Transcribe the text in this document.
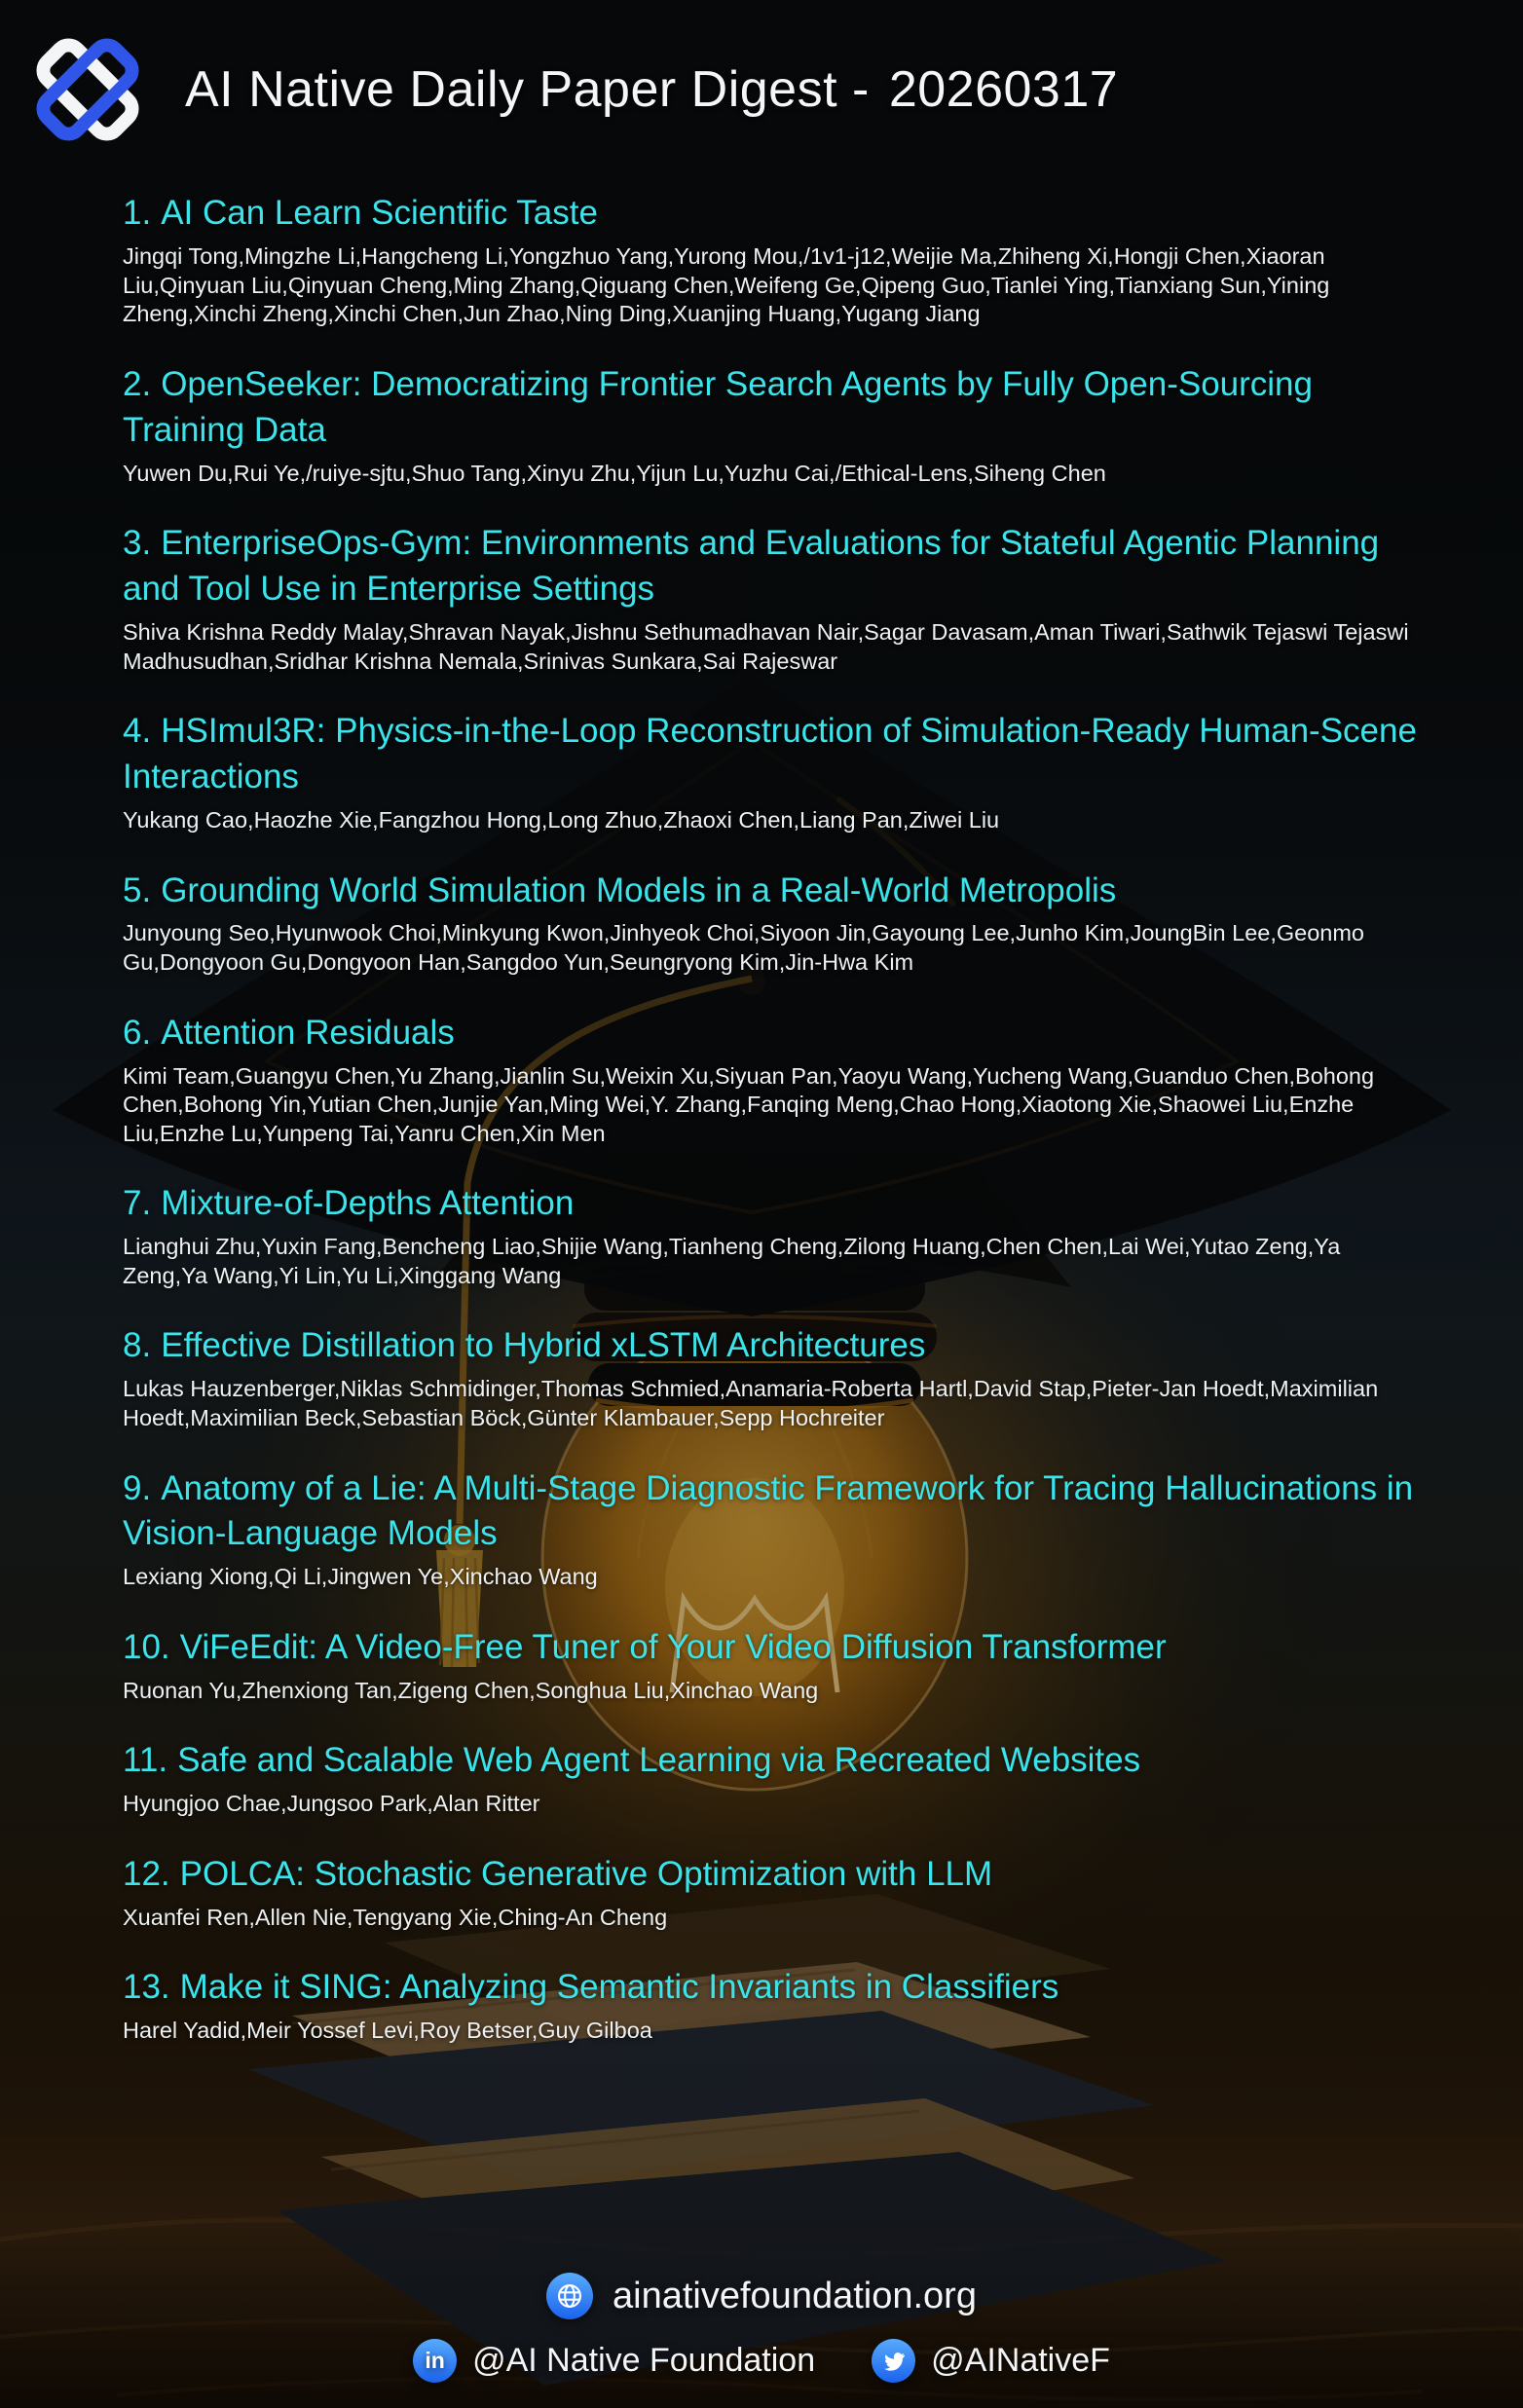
AI Native Daily Paper Digest - 20260317
1. AI Can Learn Scientific Taste

Jingqi Tong,Mingzhe Li,Hangcheng Li,Yongzhuo Yang,Yurong Mou,/1v1-j12,Weijie Ma,Zhiheng Xi,Hongji Chen,Xiaoran Liu,Qinyuan Liu,Qinyuan Cheng,Ming Zhang,Qiguang Chen,Weifeng Ge,Qipeng Guo,Tianlei Ying,Tianxiang Sun,Yining Zheng,Xinchi Zheng,Xinchi Chen,Jun Zhao,Ning Ding,Xuanjing Huang,Yugang Jiang

2. OpenSeeker: Democratizing Frontier Search Agents by Fully Open-Sourcing Training Data

Yuwen Du,Rui Ye,/ruiye-sjtu,Shuo Tang,Xinyu Zhu,Yijun Lu,Yuzhu Cai,/Ethical-Lens,Siheng Chen

3. EnterpriseOps-Gym: Environments and Evaluations for Stateful Agentic Planning and Tool Use in Enterprise Settings

Shiva Krishna Reddy Malay,Shravan Nayak,Jishnu Sethumadhavan Nair,Sagar Davasam,Aman Tiwari,Sathwik Tejaswi Tejaswi Madhusudhan,Sridhar Krishna Nemala,Srinivas Sunkara,Sai Rajeswar

4. HSImul3R: Physics-in-the-Loop Reconstruction of Simulation-Ready Human-Scene Interactions

Yukang Cao,Haozhe Xie,Fangzhou Hong,Long Zhuo,Zhaoxi Chen,Liang Pan,Ziwei Liu

5. Grounding World Simulation Models in a Real-World Metropolis

Junyoung Seo,Hyunwook Choi,Minkyung Kwon,Jinhyeok Choi,Siyoon Jin,Gayoung Lee,Junho Kim,JoungBin Lee,Geonmo Gu,Dongyoon Gu,Dongyoon Han,Sangdoo Yun,Seungryong Kim,Jin-Hwa Kim

6. Attention Residuals

Kimi Team,Guangyu Chen,Yu Zhang,Jianlin Su,Weixin Xu,Siyuan Pan,Yaoyu Wang,Yucheng Wang,Guanduo Chen,Bohong Chen,Bohong Yin,Yutian Chen,Junjie Yan,Ming Wei,Y. Zhang,Fanqing Meng,Chao Hong,Xiaotong Xie,Shaowei Liu,Enzhe Liu,Enzhe Lu,Yunpeng Tai,Yanru Chen,Xin Men

7. Mixture-of-Depths Attention

Lianghui Zhu,Yuxin Fang,Bencheng Liao,Shijie Wang,Tianheng Cheng,Zilong Huang,Chen Chen,Lai Wei,Yutao Zeng,Ya Zeng,Ya Wang,Yi Lin,Yu Li,Xinggang Wang

8. Effective Distillation to Hybrid xLSTM Architectures

Lukas Hauzenberger,Niklas Schmidinger,Thomas Schmied,Anamaria-Roberta Hartl,David Stap,Pieter-Jan Hoedt,Maximilian Hoedt,Maximilian Beck,Sebastian Böck,Günter Klambauer,Sepp Hochreiter

9. Anatomy of a Lie: A Multi-Stage Diagnostic Framework for Tracing Hallucinations in Vision-Language Models

Lexiang Xiong,Qi Li,Jingwen Ye,Xinchao Wang

10. ViFeEdit: A Video-Free Tuner of Your Video Diffusion Transformer

Ruonan Yu,Zhenxiong Tan,Zigeng Chen,Songhua Liu,Xinchao Wang

11. Safe and Scalable Web Agent Learning via Recreated Websites

Hyungjoo Chae,Jungsoo Park,Alan Ritter

12. POLCA: Stochastic Generative Optimization with LLM

Xuanfei Ren,Allen Nie,Tengyang Xie,Ching-An Cheng

13. Make it SING: Analyzing Semantic Invariants in Classifiers

Harel Yadid,Meir Yossef Levi,Roy Betser,Guy Gilboa

ainativefoundation.org
in @AI Native Foundation	@AINativeF
